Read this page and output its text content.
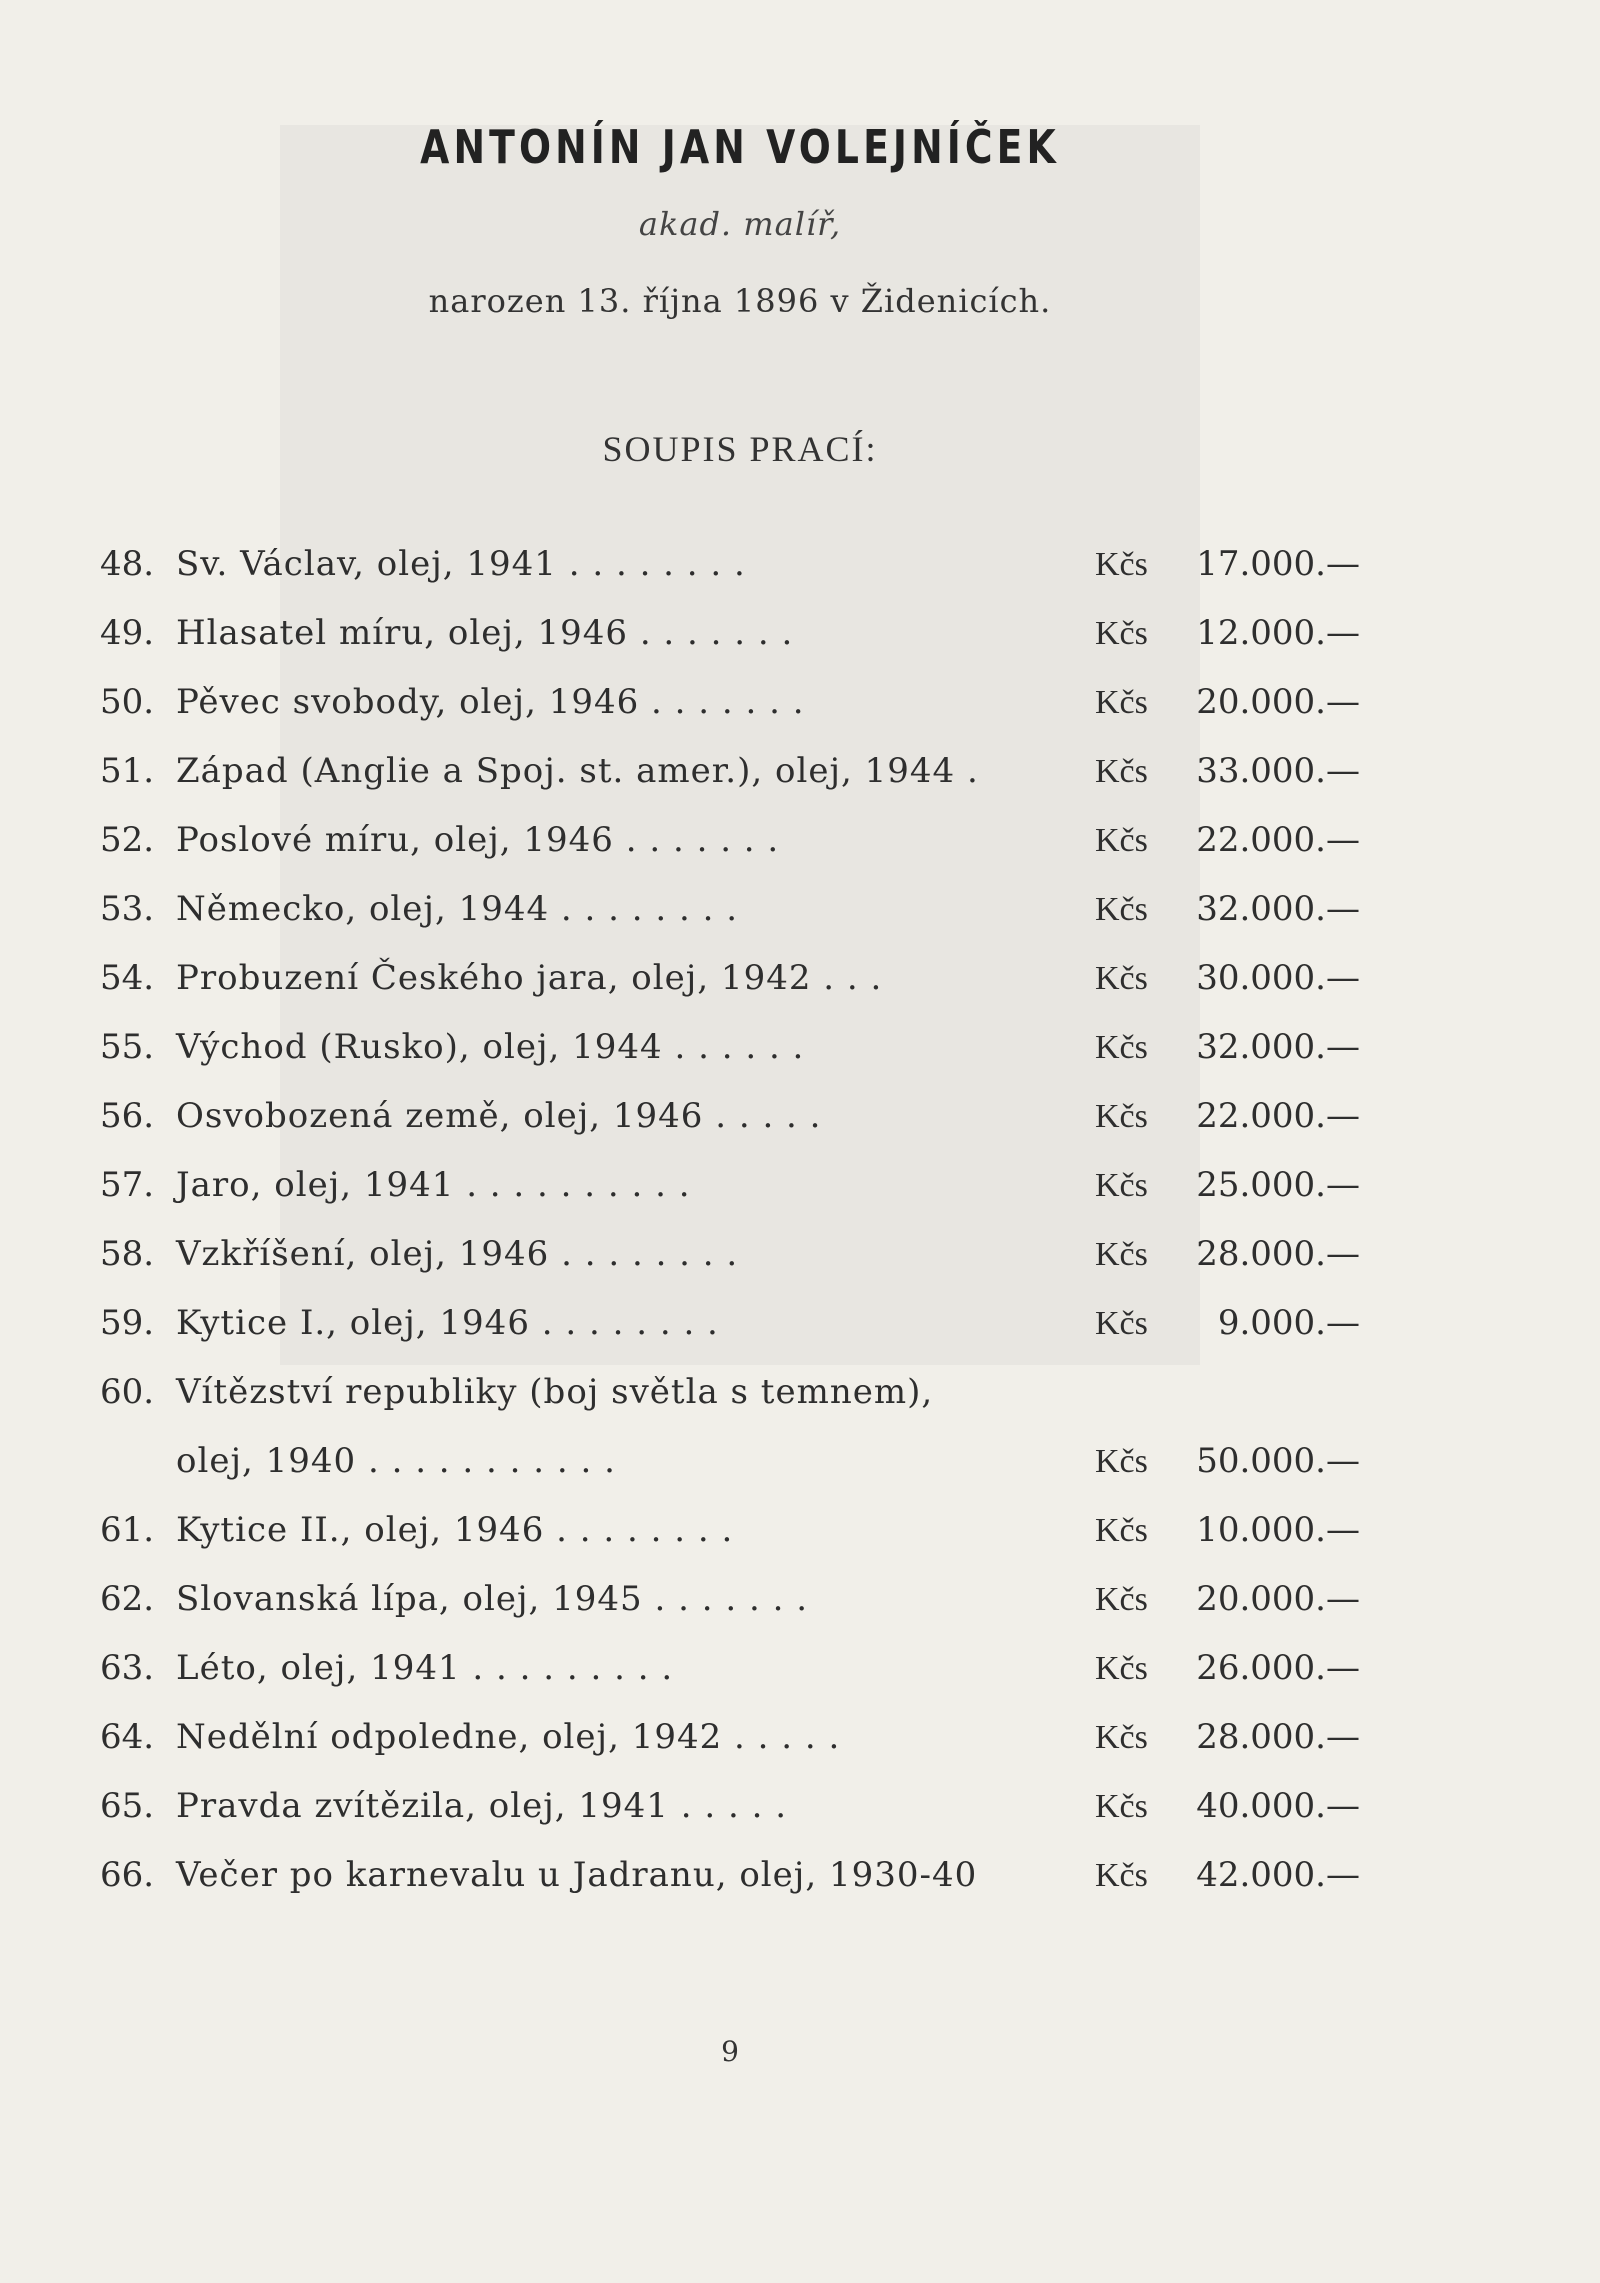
ANTONÍN JAN VOLEJNÍČEK
akad. malíř,
narozen 13. října 1896 v Židenicích.
SOUPIS PRACÍ:
48. Sv. Václav, olej, 1941 . . . . . . . .	Kčs	17.000.—
49. Hlasatel míru, olej, 1946 . . . . . . .	Kčs	12.000.—
50. Pěvec svobody, olej, 1946 . . . . . . .	Kčs	20.000.—
51. Západ (Anglie a Spoj. st. amer.), olej, 1944 .	Kčs	33.000.—
52. Poslové míru, olej, 1946 . . . . . . .	Kčs	22.000.—
53. Německo, olej, 1944 . . . . . . . .	Kčs	32.000.—
54. Probuzení Českého jara, olej, 1942 . . .	Kčs	30.000.—
55. Východ (Rusko), olej, 1944 . . . . . .	Kčs	32.000.—
56. Osvobozená země, olej, 1946 . . . . .	Kčs	22.000.—
57. Jaro, olej, 1941 . . . . . . . . . .	Kčs	25.000.—
58. Vzkříšení, olej, 1946 . . . . . . . .	Kčs	28.000.—
59. Kytice I., olej, 1946 . . . . . . . .	Kčs	9.000.—
60. Vítězství republiky (boj světla s temnem),
olej, 1940 . . . . . . . . . . .	Kčs	50.000.—
61. Kytice II., olej, 1946 . . . . . . . .	Kčs	10.000.—
62. Slovanská lípa, olej, 1945 . . . . . . .	Kčs	20.000.—
63. Léto, olej, 1941 . . . . . . . . .	Kčs	26.000.—
64. Nedělní odpoledne, olej, 1942 . . . . .	Kčs	28.000.—
65. Pravda zvítězila, olej, 1941 . . . . .	Kčs	40.000.—
66. Večer po karnevalu u Jadranu, olej, 1930-40	Kčs	42.000.—
9
